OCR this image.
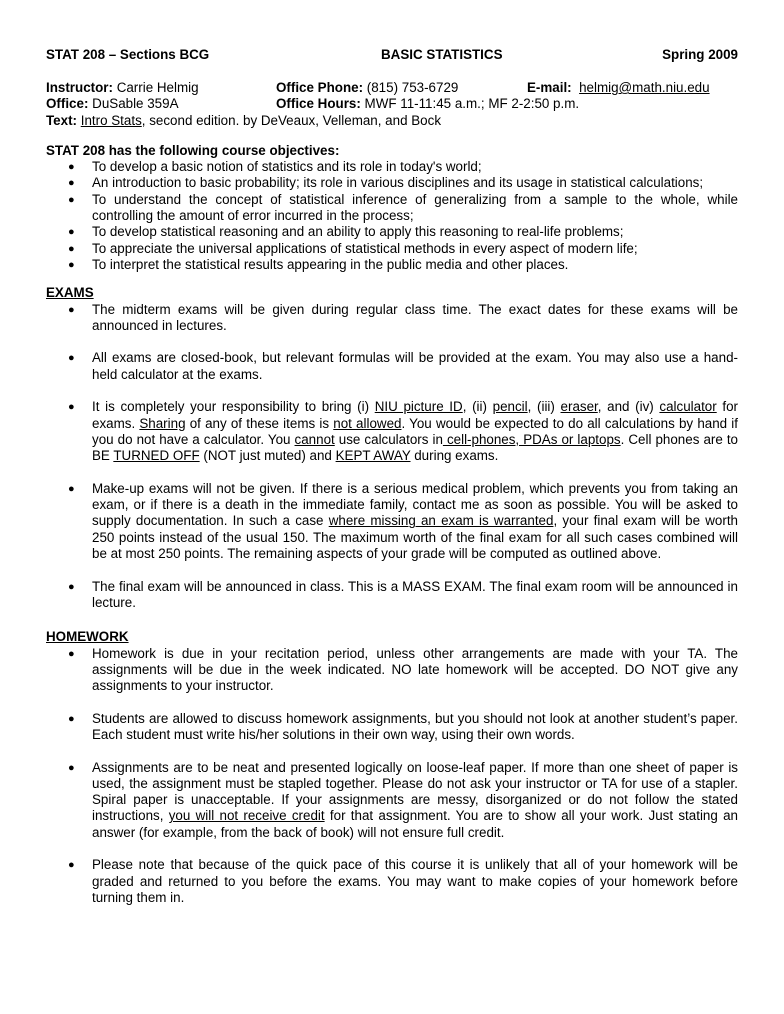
STAT 208 – Sections BCG	BASIC STATISTICS	Spring 2009
Instructor: Carrie Helmig	Office Phone: (815) 753-6729	E-mail: helmig@math.niu.edu
Office: DuSable 359A	Office Hours: MWF 11-11:45 a.m.; MF 2-2:50 p.m.
Text: Intro Stats, second edition. by DeVeaux, Velleman, and Bock
STAT 208 has the following course objectives:
● To develop a basic notion of statistics and its role in today's world;
● An introduction to basic probability; its role in various disciplines and its usage in statistical calculations;
● To understand the concept of statistical inference of generalizing from a sample to the whole, while controlling the amount of error incurred in the process;
● To develop statistical reasoning and an ability to apply this reasoning to real-life problems;
● To appreciate the universal applications of statistical methods in every aspect of modern life;
● To interpret the statistical results appearing in the public media and other places.
EXAMS
● The midterm exams will be given during regular class time. The exact dates for these exams will be announced in lectures.
● All exams are closed-book, but relevant formulas will be provided at the exam. You may also use a hand-held calculator at the exams.
● It is completely your responsibility to bring (i) NIU picture ID, (ii) pencil, (iii) eraser, and (iv) calculator for exams. Sharing of any of these items is not allowed. You would be expected to do all calculations by hand if you do not have a calculator. You cannot use calculators in cell-phones, PDAs or laptops. Cell phones are to BE TURNED OFF (NOT just muted) and KEPT AWAY during exams.
● Make-up exams will not be given. If there is a serious medical problem, which prevents you from taking an exam, or if there is a death in the immediate family, contact me as soon as possible. You will be asked to supply documentation. In such a case where missing an exam is warranted, your final exam will be worth 250 points instead of the usual 150. The maximum worth of the final exam for all such cases combined will be at most 250 points. The remaining aspects of your grade will be computed as outlined above.
● The final exam will be announced in class. This is a MASS EXAM. The final exam room will be announced in lecture.
HOMEWORK
● Homework is due in your recitation period, unless other arrangements are made with your TA. The assignments will be due in the week indicated. NO late homework will be accepted. DO NOT give any assignments to your instructor.
● Students are allowed to discuss homework assignments, but you should not look at another student’s paper. Each student must write his/her solutions in their own way, using their own words.
● Assignments are to be neat and presented logically on loose-leaf paper. If more than one sheet of paper is used, the assignment must be stapled together. Please do not ask your instructor or TA for use of a stapler. Spiral paper is unacceptable. If your assignments are messy, disorganized or do not follow the stated instructions, you will not receive credit for that assignment. You are to show all your work. Just stating an answer (for example, from the back of book) will not ensure full credit.
● Please note that because of the quick pace of this course it is unlikely that all of your homework will be graded and returned to you before the exams. You may want to make copies of your homework before turning them in.
